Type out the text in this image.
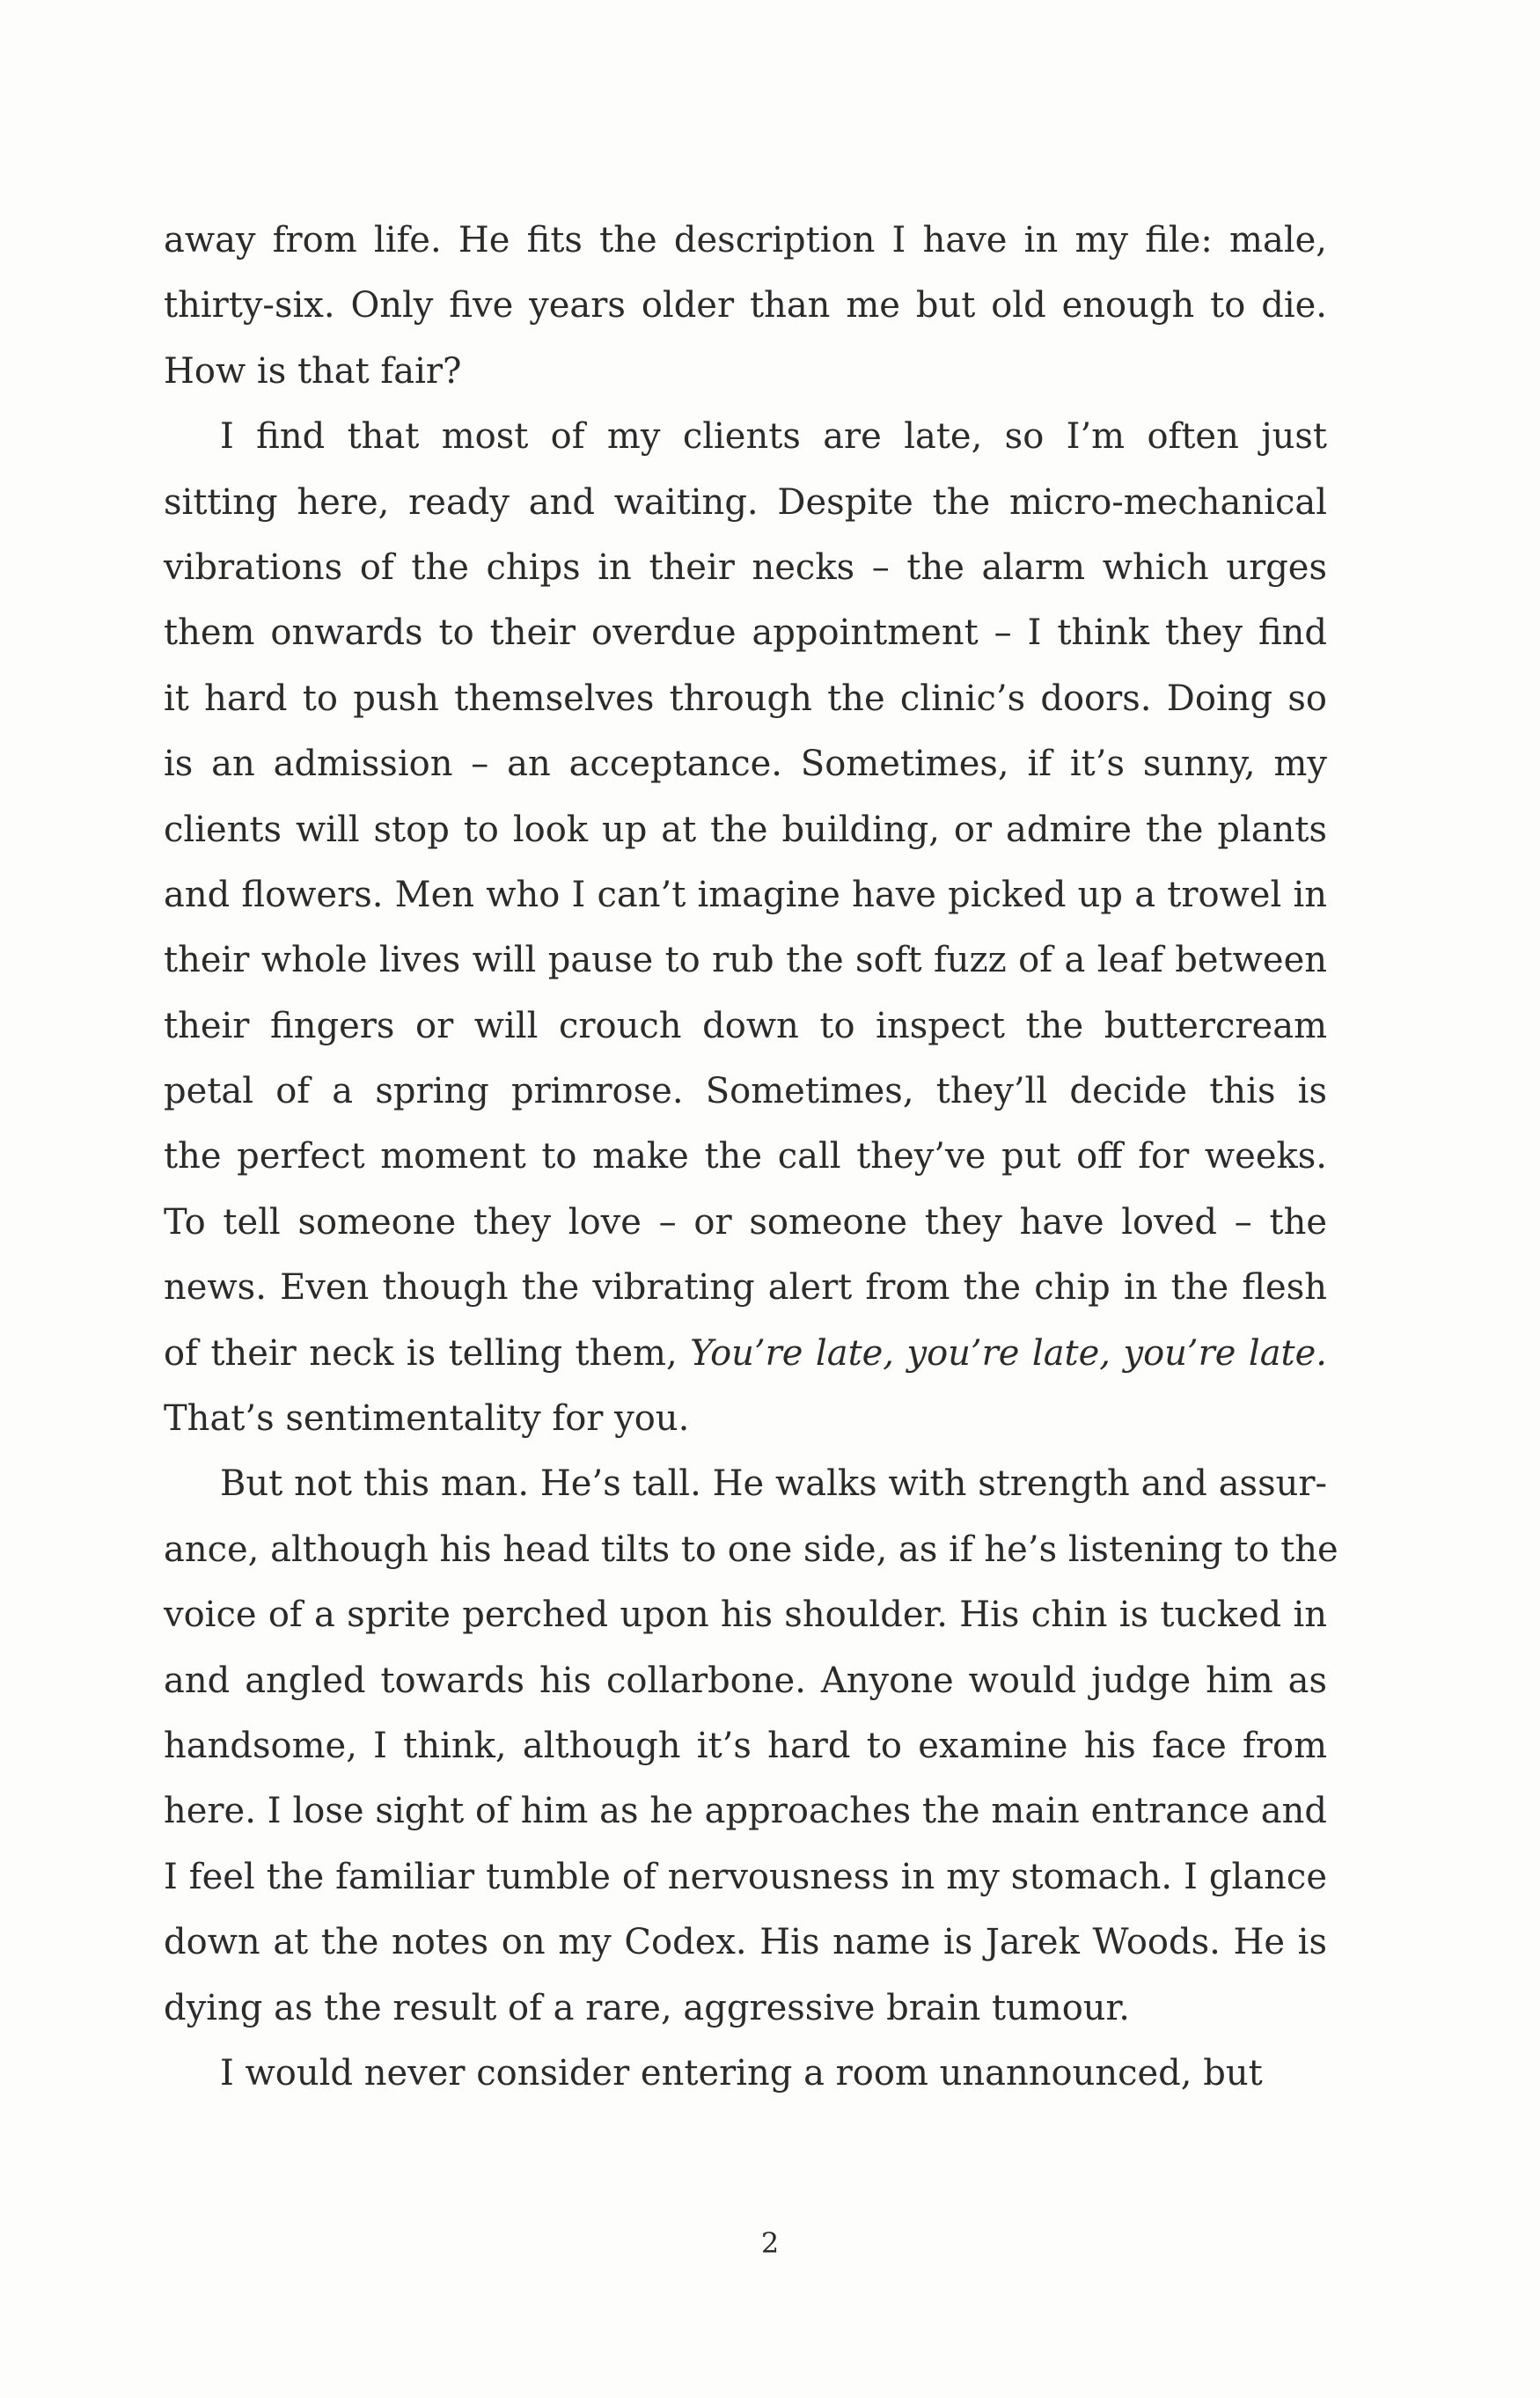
away from life. He fits the description I have in my file: male,
thirty-six. Only five years older than me but old enough to die.
How is that fair?
I find that most of my clients are late, so I’m often just
sitting here, ready and waiting. Despite the micro-mechanical
vibrations of the chips in their necks – the alarm which urges
them onwards to their overdue appointment – I think they find
it hard to push themselves through the clinic’s doors. Doing so
is an admission – an acceptance. Sometimes, if it’s sunny, my
clients will stop to look up at the building, or admire the plants
and flowers. Men who I can’t imagine have picked up a trowel in
their whole lives will pause to rub the soft fuzz of a leaf between
their fingers or will crouch down to inspect the buttercream
petal of a spring primrose. Sometimes, they’ll decide this is
the perfect moment to make the call they’ve put off for weeks.
To tell someone they love – or someone they have loved – the
news. Even though the vibrating alert from the chip in the flesh
of their neck is telling them, You’re late, you’re late, you’re late.
That’s sentimentality for you.
But not this man. He’s tall. He walks with strength and assur-
ance, although his head tilts to one side, as if he’s listening to the
voice of a sprite perched upon his shoulder. His chin is tucked in
and angled towards his collarbone. Anyone would judge him as
handsome, I think, although it’s hard to examine his face from
here. I lose sight of him as he approaches the main entrance and
I feel the familiar tumble of nervousness in my stomach. I glance
down at the notes on my Codex. His name is Jarek Woods. He is
dying as the result of a rare, aggressive brain tumour.
I would never consider entering a room unannounced, but
2
